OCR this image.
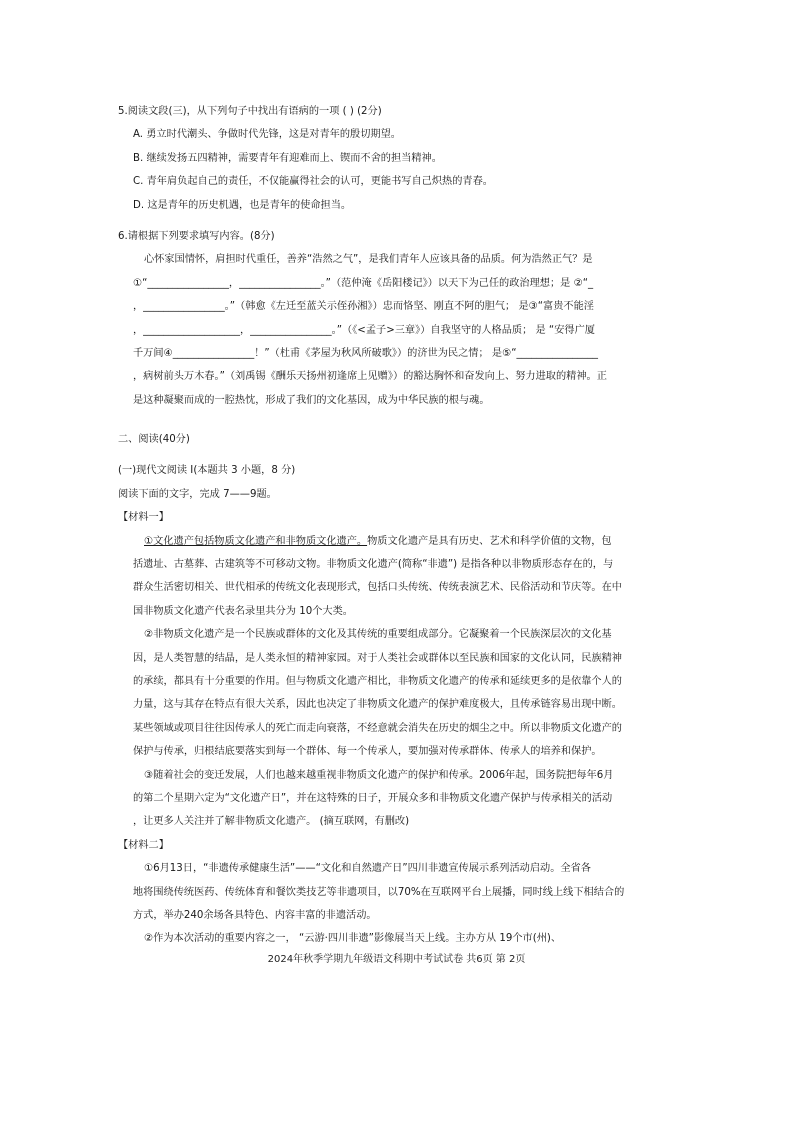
5.阅读文段(三)，从下列句子中找出有语病的一项 ( ) (2分)

A. 勇立时代潮头、争做时代先锋，这是对青年的殷切期望。

B. 继续发扬五四精神，需要青年有迎难而上、锲而不舍的担当精神。

C. 青年肩负起自己的责任，不仅能赢得社会的认可，更能书写自己炽热的青春。

D. 这是青年的历史机遇，也是青年的使命担当。

6.请根据下列要求填写内容。(8分)

心怀家国情怀，肩担时代重任，善养“浩然之气”，是我们青年人应该具备的品质。何为浩然正气？是

①“________________，________________。”（范仲淹《岳阳楼记》）以天下为己任的政治理想；是 ②“_

，________________。”（韩愈《左迁至蓝关示侄孙湘》）忠而恪坚、刚直不阿的胆气； 是③“富贵不能淫

，___________________，________________。”（《<孟子>三章》）自我坚守的人格品质； 是 “安得广厦

千万间④________________！”（杜甫《茅屋为秋风所破歌》）的济世为民之情； 是⑤“________________

，病树前头万木春。”（刘禹锡《酬乐天扬州初逢席上见赠》）的豁达胸怀和奋发向上、努力进取的精神。正

是这种凝聚而成的一腔热忱，形成了我们的文化基因，成为中华民族的根与魂。

二、阅读(40分)

(一)现代文阅读 Ⅰ(本题共 3 小题，8 分)

阅读下面的文字，完成 7——9题。

【材料一】

①文化遗产包括物质文化遗产和非物质文化遗产。物质文化遗产是具有历史、艺术和科学价值的文物，包

括遗址、古墓葬、古建筑等不可移动文物。非物质文化遗产(简称“非遗”) 是指各种以非物质形态存在的，与

群众生活密切相关、世代相承的传统文化表现形式，包括口头传统、传统表演艺术、民俗活动和节庆等。在中

国非物质文化遗产代表名录里共分为 10个大类。

②非物质文化遗产是一个民族或群体的文化及其传统的重要组成部分。它凝聚着一个民族深层次的文化基

因，是人类智慧的结晶，是人类永恒的精神家园。对于人类社会或群体以至民族和国家的文化认同，民族精神

的承续，都具有十分重要的作用。但与物质文化遗产相比，非物质文化遗产的传承和延续更多的是依靠个人的

力量，这与其存在特点有很大关系，因此也决定了非物质文化遗产的保护难度极大，且传承链容易出现中断。

某些领域或项目往往因传承人的死亡而走向衰落，不经意就会消失在历史的烟尘之中。所以非物质文化遗产的

保护与传承，归根结底要落实到每一个群体、每一个传承人，要加强对传承群体、传承人的培养和保护。

③随着社会的变迁发展，人们也越来越重视非物质文化遗产的保护和传承。2006年起，国务院把每年6月

的第二个星期六定为“文化遗产日”，并在这特殊的日子，开展众多和非物质文化遗产保护与传承相关的活动

，让更多人关注并了解非物质文化遗产。 (摘互联网，有删改)

【材料二】

①6月13日，“非遗传承健康生活”——“文化和自然遗产日”四川非遗宣传展示系列活动启动。全省各

地将围绕传统医药、传统体育和餐饮类技艺等非遗项目，以70%在互联网平台上展播，同时线上线下相结合的

方式，举办240余场各具特色、内容丰富的非遗活动。

②作为本次活动的重要内容之一， “云游·四川非遗”影像展当天上线。主办方从 19个市(州)、

2024年秋季学期九年级语文科期中考试试卷 共6页 第 2页
